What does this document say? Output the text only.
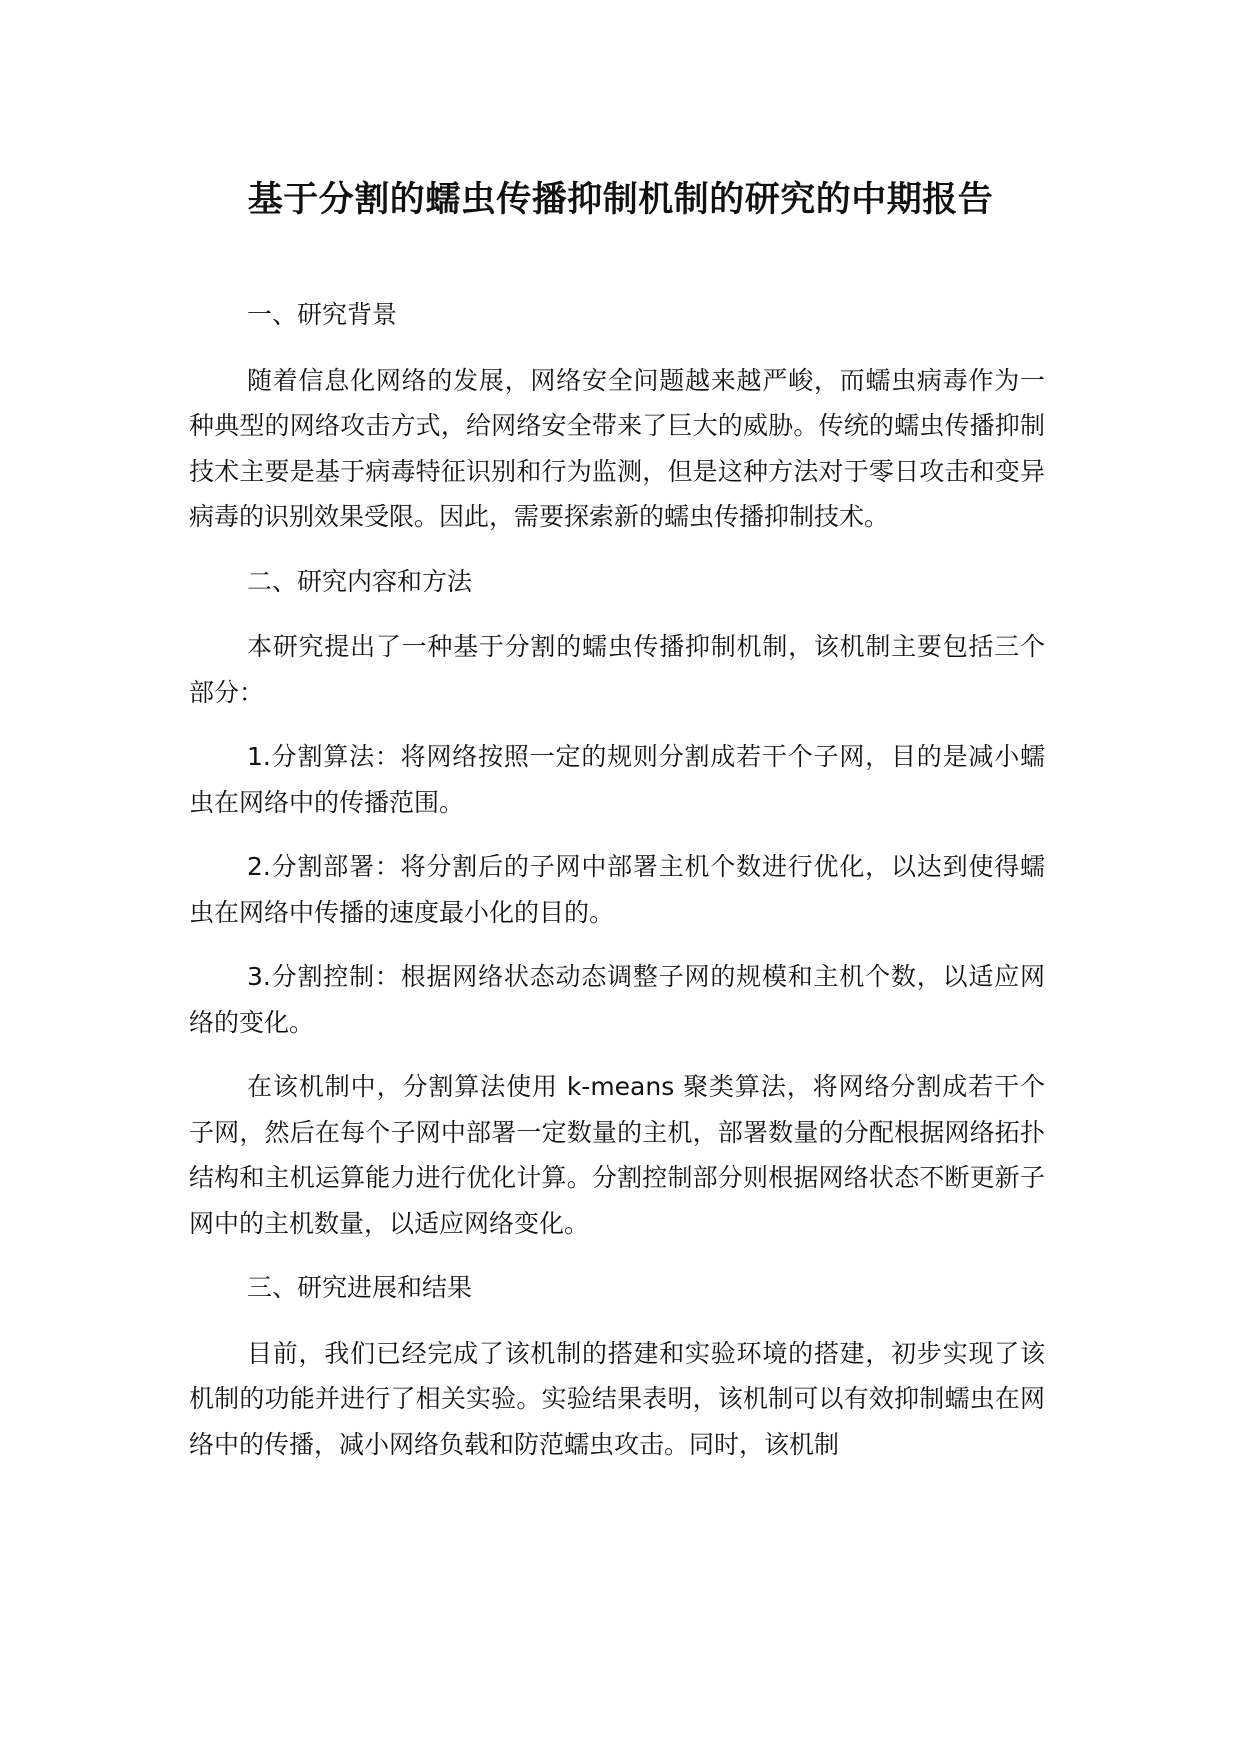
基于分割的蠕虫传播抑制机制的研究的中期报告

一、研究背景

随着信息化网络的发展，网络安全问题越来越严峻，而蠕虫病毒作为一种典型的网络攻击方式，给网络安全带来了巨大的威胁。传统的蠕虫传播抑制技术主要是基于病毒特征识别和行为监测，但是这种方法对于零日攻击和变异病毒的识别效果受限。因此，需要探索新的蠕虫传播抑制技术。

二、研究内容和方法

本研究提出了一种基于分割的蠕虫传播抑制机制，该机制主要包括三个部分：

1.分割算法：将网络按照一定的规则分割成若干个子网，目的是减小蠕虫在网络中的传播范围。

2.分割部署：将分割后的子网中部署主机个数进行优化，以达到使得蠕虫在网络中传播的速度最小化的目的。

3.分割控制：根据网络状态动态调整子网的规模和主机个数，以适应网络的变化。

在该机制中，分割算法使用 k-means 聚类算法，将网络分割成若干个子网，然后在每个子网中部署一定数量的主机，部署数量的分配根据网络拓扑结构和主机运算能力进行优化计算。分割控制部分则根据网络状态不断更新子网中的主机数量，以适应网络变化。

三、研究进展和结果

目前，我们已经完成了该机制的搭建和实验环境的搭建，初步实现了该机制的功能并进行了相关实验。实验结果表明，该机制可以有效抑制蠕虫在网络中的传播，减小网络负载和防范蠕虫攻击。同时，该机制
